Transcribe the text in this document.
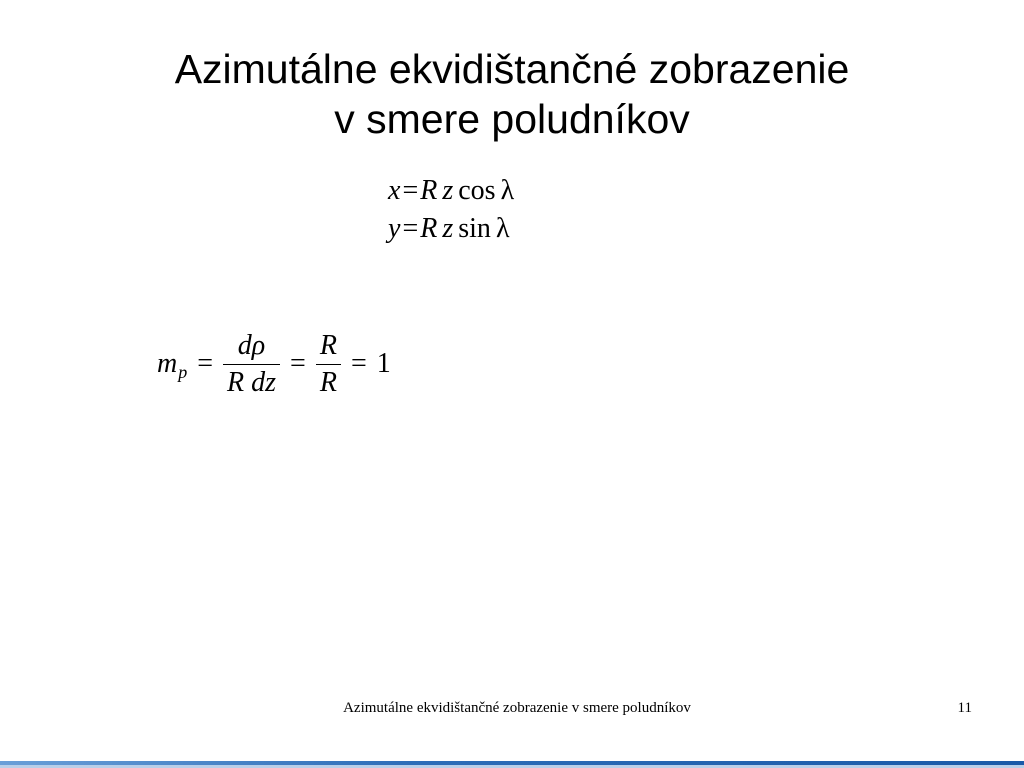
Azimutálne ekvidištančné zobrazenie
v smere poludníkov
x=R z cos λ
y=R z sin λ
m $p = \frac{d\rho}{\text{R dz}} = \frac{R}{R} = 1$
Azimutálne ekvidištančné zobrazenie v smere poludníkov	11
